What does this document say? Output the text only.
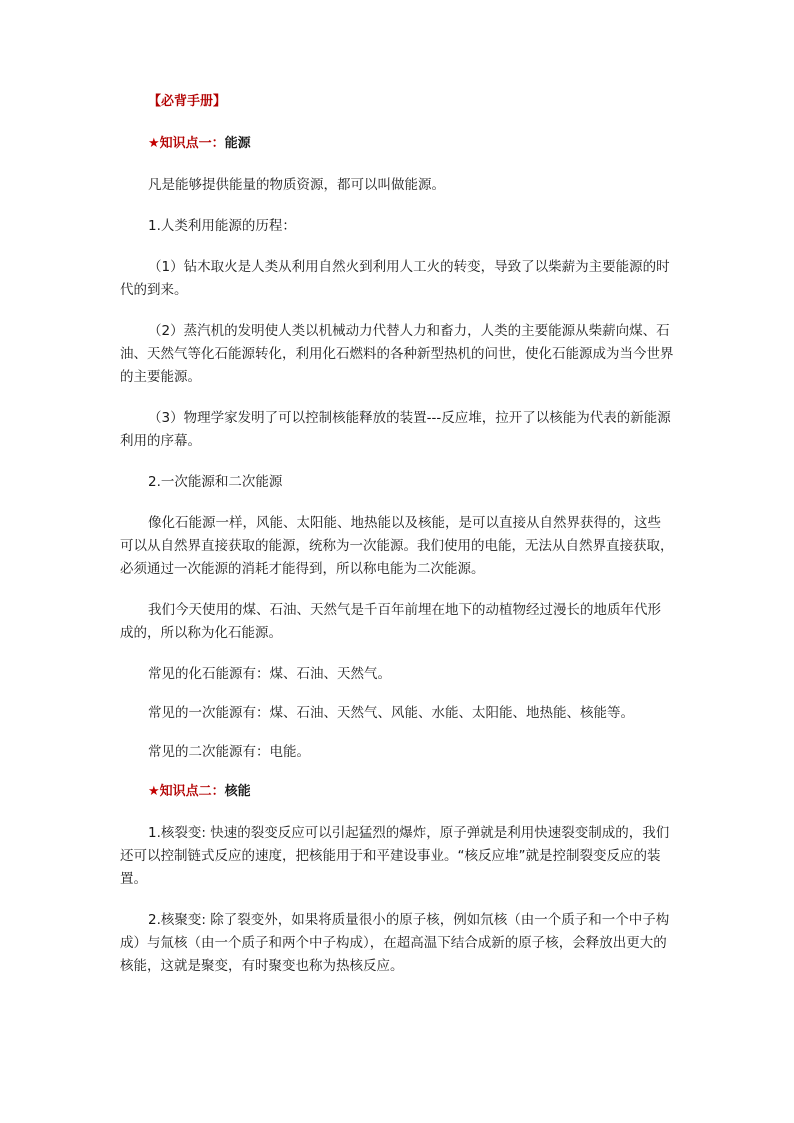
【必背手册】
★知识点一：能源

凡是能够提供能量的物质资源，都可以叫做能源。

1.人类利用能源的历程：

（1）钻木取火是人类从利用自然火到利用人工火的转变，导致了以柴薪为主要能源的时代的到来。

（2）蒸汽机的发明使人类以机械动力代替人力和畜力，人类的主要能源从柴薪向煤、石油、天然气等化石能源转化，利用化石燃料的各种新型热机的问世，使化石能源成为当今世界的主要能源。

（3）物理学家发明了可以控制核能释放的装置---反应堆，拉开了以核能为代表的新能源利用的序幕。

2.一次能源和二次能源

像化石能源一样，风能、太阳能、地热能以及核能，是可以直接从自然界获得的，这些可以从自然界直接获取的能源，统称为一次能源。我们使用的电能，无法从自然界直接获取，必须通过一次能源的消耗才能得到，所以称电能为二次能源。

我们今天使用的煤、石油、天然气是千百年前埋在地下的动植物经过漫长的地质年代形成的，所以称为化石能源。

常见的化石能源有：煤、石油、天然气。

常见的一次能源有：煤、石油、天然气、风能、水能、太阳能、地热能、核能等。

常见的二次能源有：电能。

★知识点二：核能

1.核裂变: 快速的裂变反应可以引起猛烈的爆炸，原子弹就是利用快速裂变制成的，我们还可以控制链式反应的速度，把核能用于和平建设事业。“核反应堆”就是控制裂变反应的装置。

2.核聚变: 除了裂变外，如果将质量很小的原子核，例如氘核（由一个质子和一个中子构成）与氚核（由一个质子和两个中子构成），在超高温下结合成新的原子核，会释放出更大的核能，这就是聚变，有时聚变也称为热核反应。
